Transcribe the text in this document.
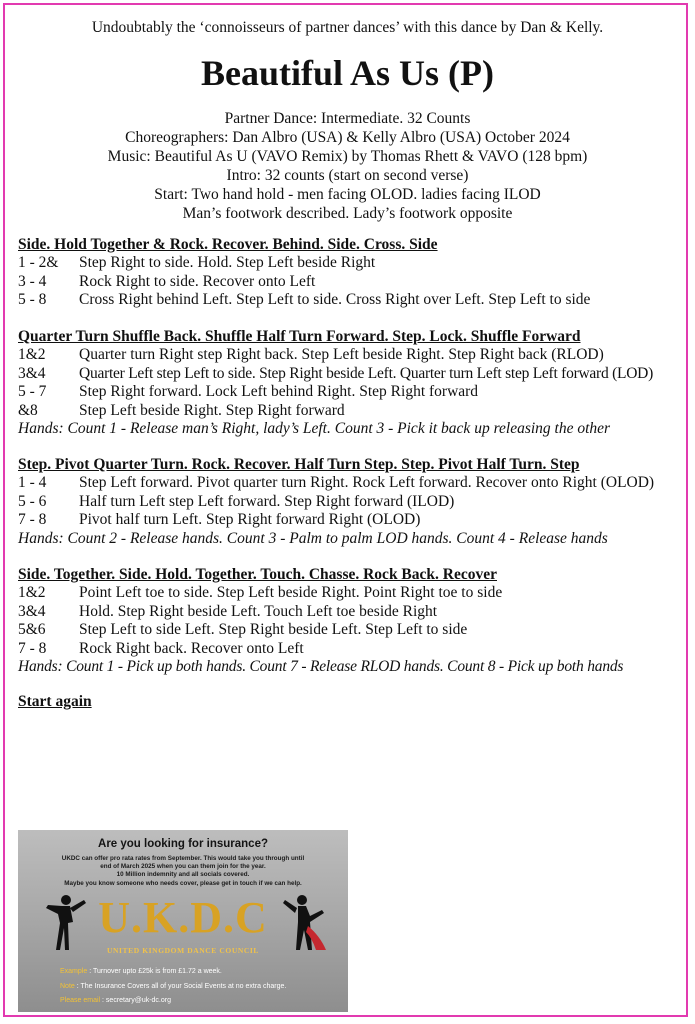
Undoubtably the ‘connoisseurs of partner dances’ with this dance by Dan & Kelly.
Beautiful As Us (P)
Partner Dance: Intermediate. 32 Counts
Choreographers: Dan Albro (USA) & Kelly Albro (USA) October 2024
Music: Beautiful As U (VAVO Remix) by Thomas Rhett & VAVO (128 bpm)
Intro: 32 counts (start on second verse)
Start: Two hand hold - men facing OLOD. ladies facing ILOD
Man’s footwork described. Lady’s footwork opposite
Side. Hold Together & Rock. Recover. Behind. Side. Cross. Side
1 - 2&	Step Right to side. Hold. Step Left beside Right
3 - 4	Rock Right to side. Recover onto Left
5 - 8	Cross Right behind Left. Step Left to side. Cross Right over Left. Step Left to side
Quarter Turn Shuffle Back. Shuffle Half Turn Forward. Step. Lock. Shuffle Forward
1&2	Quarter turn Right step Right back. Step Left beside Right. Step Right back (RLOD)
3&4	Quarter Left step Left to side. Step Right beside Left. Quarter turn Left step Left forward (LOD)
5 - 7	Step Right forward. Lock Left behind Right. Step Right forward
&8	Step Left beside Right. Step Right forward
Hands: Count 1 - Release man’s Right, lady’s Left. Count 3 - Pick it back up releasing the other
Step. Pivot Quarter Turn. Rock. Recover. Half Turn Step. Step. Pivot Half Turn. Step
1 - 4	Step Left forward. Pivot quarter turn Right. Rock Left forward. Recover onto Right (OLOD)
5 - 6	Half turn Left step Left forward. Step Right forward (ILOD)
7 - 8	Pivot half turn Left. Step Right forward Right (OLOD)
Hands: Count 2 - Release hands. Count 3 - Palm to palm LOD hands. Count 4 - Release hands
Side. Together. Side. Hold. Together. Touch. Chasse. Rock Back. Recover
1&2	Point Left toe to side. Step Left beside Right. Point Right toe to side
3&4	Hold. Step Right beside Left. Touch Left toe beside Right
5&6	Step Left to side Left. Step Right beside Left. Step Left to side
7 - 8	Rock Right back. Recover onto Left
Hands: Count 1 - Pick up both hands. Count 7 - Release RLOD hands. Count 8 - Pick up both hands
Start again
Are you looking for insurance?
UKDC can offer pro rata rates from September. This would take you through until
end of March 2025 when you can them join for the year.
10 Million indemnity and all socials covered.
Maybe you know someone who needs cover, please get in touch if we can help.
U.K.D.C
UNITED KINGDOM DANCE COUNCIL
Example : Turnover upto £25k is from £1.72 a week.
Note : The Insurance Covers all of your Social Events at no extra charge.
Please email : secretary@uk-dc.org
